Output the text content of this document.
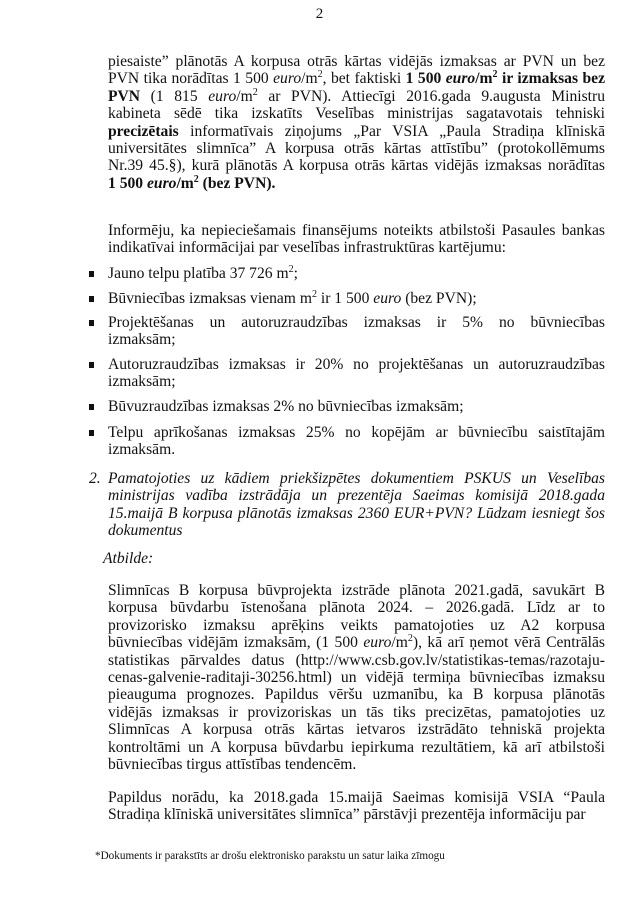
2
piesaiste” plānotās A korpusa otrās kārtas vidējās izmaksas ar PVN un bez
PVN tika norādītas 1 500 euro/$m^2$, bet faktiski 1 500 euro/$m^2$ ir izmaksas bez
PVN (1 815 euro/$m^2$ ar PVN). Attiecīgi 2016.gada 9.augusta Ministru
kabineta sēdē tika izskatīts Veselības ministrijas sagatavotais tehniski
precizētais informatīvais ziņojums „Par VSIA „Paula Stradiņa klīniskā
universitātes slimnīca” A korpusa otrās kārtas attīstību” (protokollēmums
Nr.39 45.§), kurā plānotās A korpusa otrās kārtas vidējās izmaksas norādītas
1 500 euro/$m^2$ (bez PVN).
Informēju, ka nepieciešamais finansējums noteikts atbilstoši Pasaules bankas
indikatīvai informācijai par veselības infrastruktūras kartējumu:
Jauno telpu platība 37 726 $m^2$;
Būvniecības izmaksas vienam $m^2$ ir 1 500 euro (bez PVN);
Projektēšanas un autoruzraudzības izmaksas ir 5% no būvniecības
izmaksām;
Autoruzraudzības izmaksas ir 20% no projektēšanas un autoruzraudzības
izmaksām;
Būvuzraudzības izmaksas 2% no būvniecības izmaksām;
Telpu aprīkošanas izmaksas 25% no kopējām ar būvniecību saistītajām
izmaksām.
2. Pamatojoties uz kādiem priekšizpētes dokumentiem PSKUS un Veselības
ministrijas vadība izstrādāja un prezentēja Saeimas komisijā 2018.gada
15.maijā B korpusa plānotās izmaksas 2360 EUR+PVN? Lūdzam iesniegt šos
dokumentus
Atbilde:
Slimnīcas B korpusa būvprojekta izstrāde plānota 2021.gadā, savukārt B
korpusa būvdarbu īstenošana plānota 2024. – 2026.gadā. Līdz ar to
provizorisko izmaksu aprēķins veikts pamatojoties uz A2 korpusa
būvniecības vidējām izmaksām, (1 500 euro/$m^2$), kā arī ņemot vērā Centrālās
statistikas pārvaldes datus (http://www.csb.gov.lv/statistikas-temas/razotaju-
cenas-galvenie-raditaji-30256.html) un vidējā termiņa būvniecības izmaksu
pieauguma prognozes. Papildus vēršu uzmanību, ka B korpusa plānotās
vidējās izmaksas ir provizoriskas un tās tiks precizētas, pamatojoties uz
Slimnīcas A korpusa otrās kārtas ietvaros izstrādāto tehniskā projekta
kontroltāmi un A korpusa būvdarbu iepirkuma rezultātiem, kā arī atbilstoši
būvniecības tirgus attīstības tendencēm.
Papildus norādu, ka 2018.gada 15.maijā Saeimas komisijā VSIA “Paula
Stradiņa klīniskā universitātes slimnīca” pārstāvji prezentēja informāciju par
*Dokuments ir parakstīts ar drošu elektronisko parakstu un satur laika zīmogu
